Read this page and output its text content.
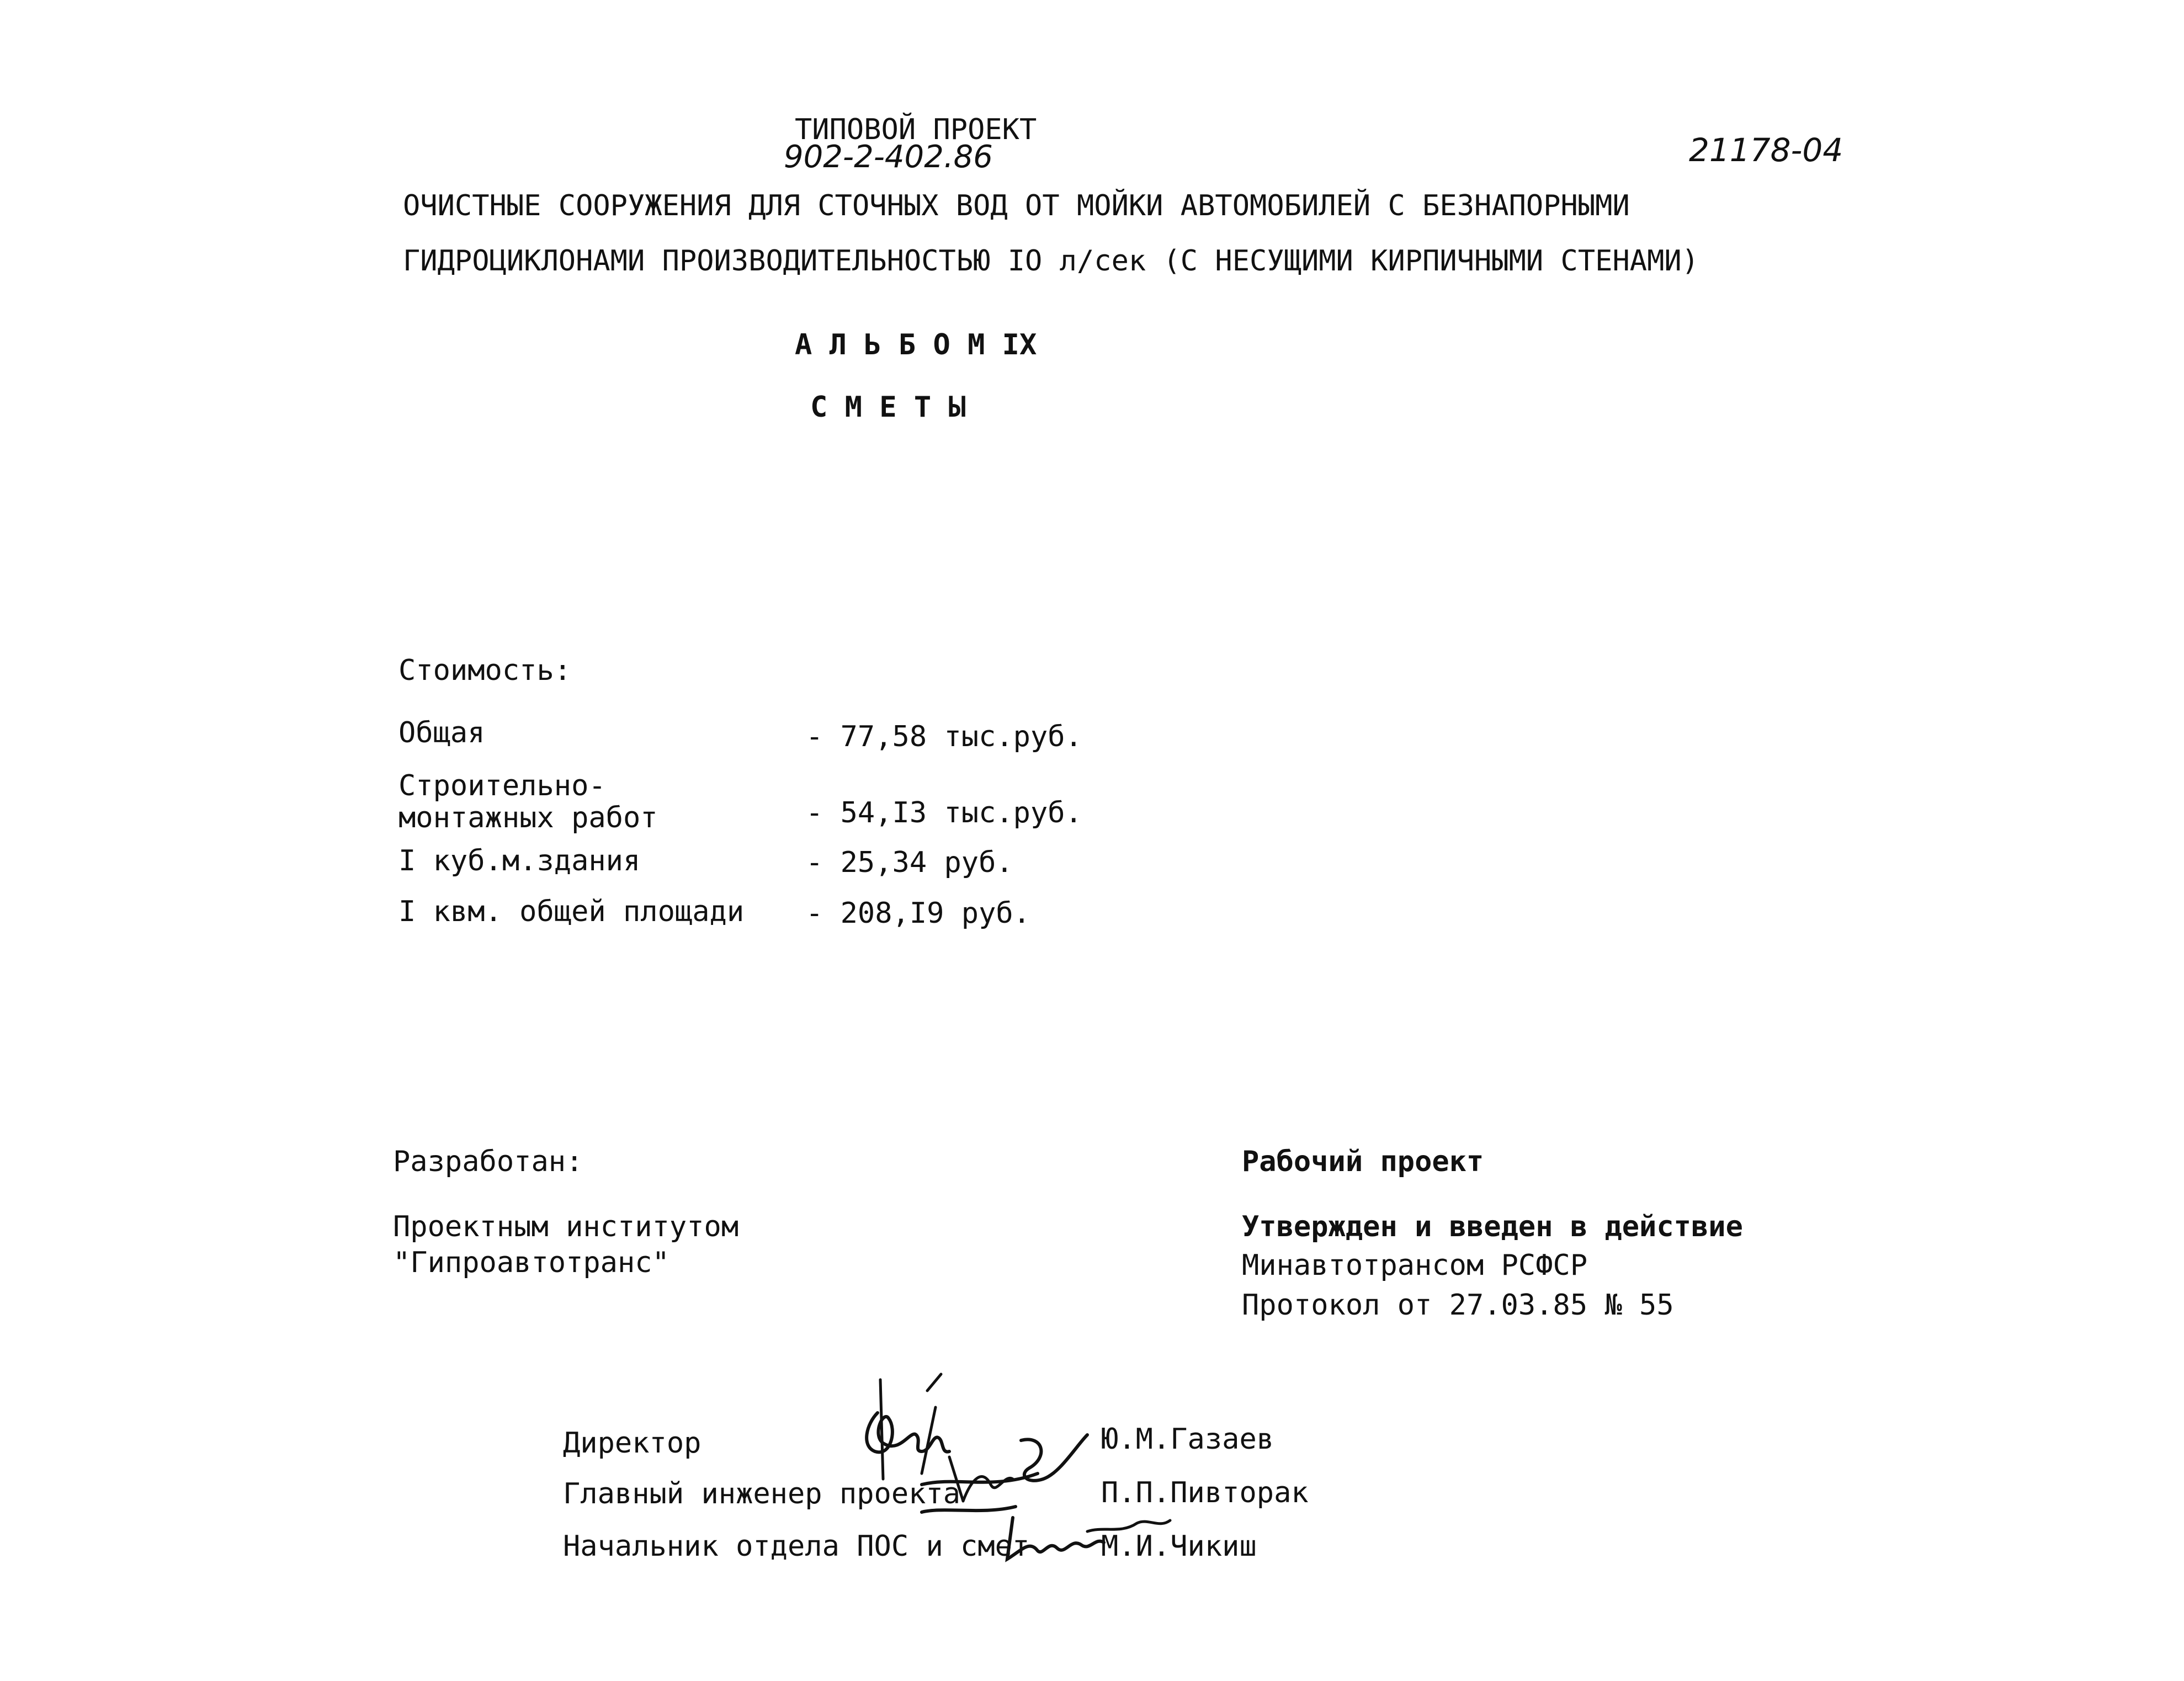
ТИПОВОЙ ПРОЕКТ
902-2-402.86	21178-04
ОЧИСТНЫЕ СООРУЖЕНИЯ ДЛЯ СТОЧНЫХ ВОД ОТ МОЙКИ АВТОМОБИЛЕЙ С БЕЗНАПОРНЫМИ
ГИДРОЦИКЛОНАМИ ПРОИЗВОДИТЕЛЬНОСТЬЮ IO л/сек (С НЕСУЩИМИ КИРПИЧНЫМИ СТЕНАМИ)
А Л Ь Б О М IX
С М Е Т Ы
Стоимость:
Общая	- 77,58 тыс.руб.
Строительно-
монтажных работ	- 54,I3 тыс.руб.
I куб.м.здания	- 25,34 руб.
I квм. общей площади - 208,I9 руб.
Разработан:
Проектным институтом
"Гипроавтотранс"
Рабочий проект
Утвержден и введен в действие
Минавтотрансом РСФСР
Протокол от 27.03.85 № 55
Директор	Ю.М.Газаев
Главный инженер проекта	П.П.Пивторак
Начальник отдела ПОС и смет М.И.Чикиш
